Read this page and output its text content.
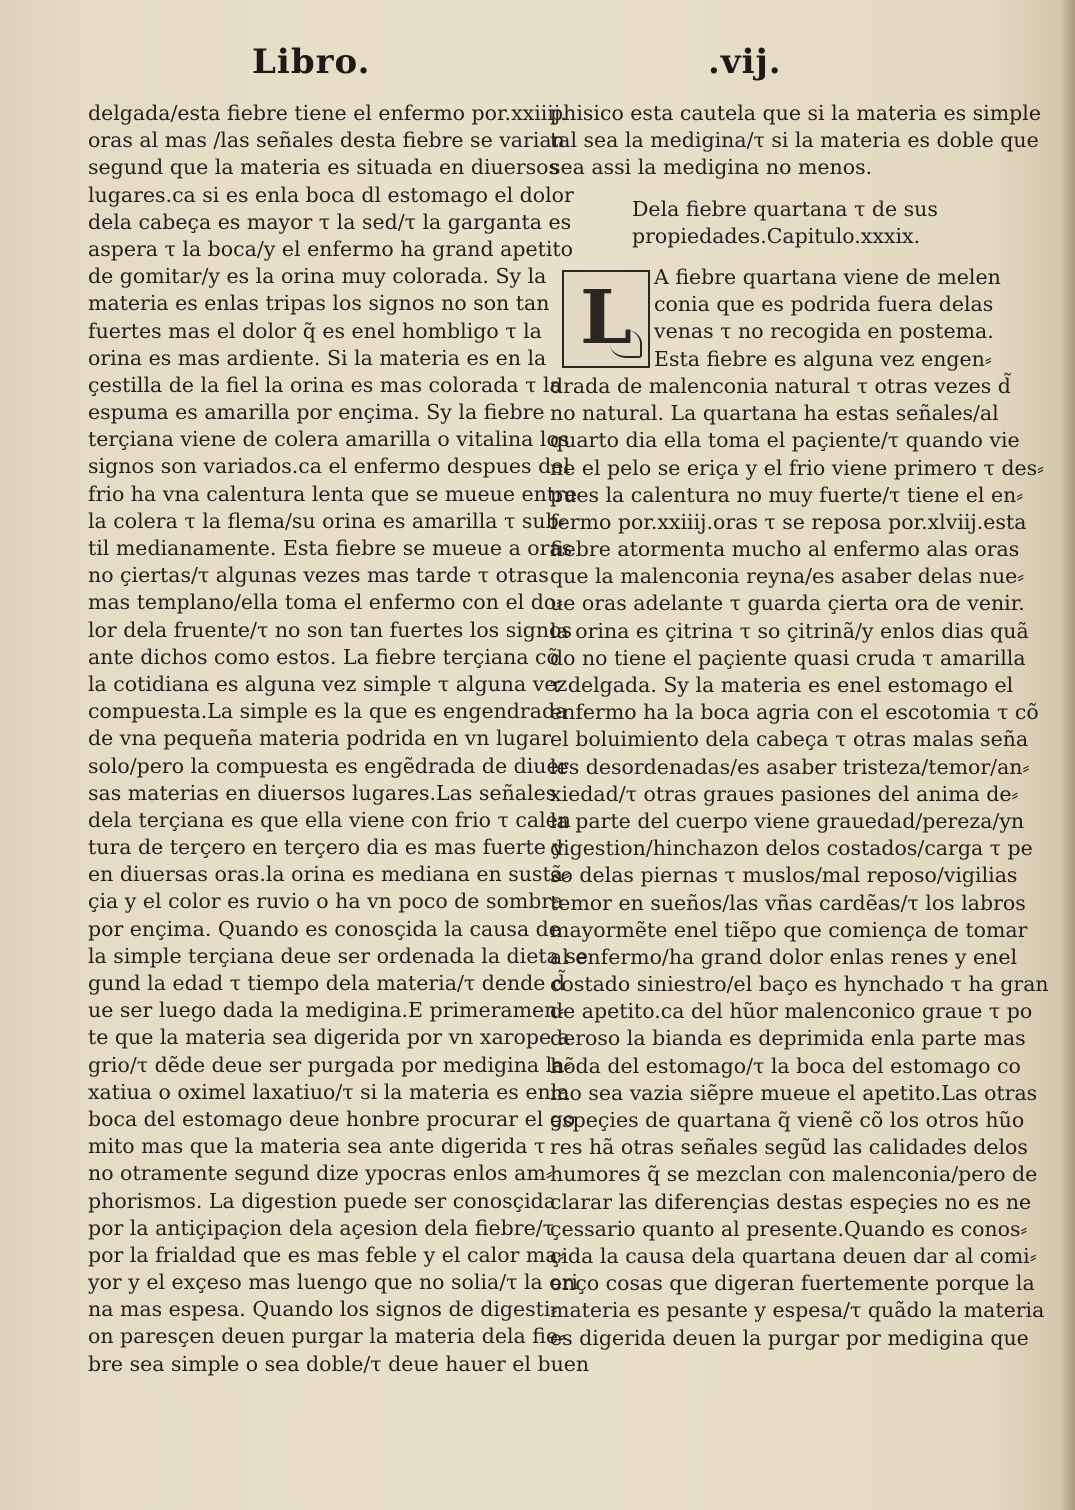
Libro.	.vij.
delgada/esta fiebre tiene el enfermo por.xxiiij.
oras al mas /las señales desta fiebre se varian
segund que la materia es situada en diuersos
lugares.ca si es enla boca dl estomago el dolor
dela cabeça es mayor τ la sed/τ la garganta es
aspera τ la boca/y el enfermo ha grand apetito
de gomitar/y es la orina muy colorada. Sy la
materia es enlas tripas los signos no son tan
fuertes mas el dolor q̃ es enel hombligo τ la
orina es mas ardiente. Si la materia es en la
çestilla de la fiel la orina es mas colorada τ la
espuma es amarilla por ençima. Sy la fiebre
terçiana viene de colera amarilla o vitalina los
signos son variados.ca el enfermo despues del
frio ha vna calentura lenta que se mueue entre
la colera τ la flema/su orina es amarilla τ sub⸗
til medianamente. Esta fiebre se mueue a oras
no çiertas/τ algunas vezes mas tarde τ otras
mas templano/ella toma el enfermo con el do⸗
lor dela fruente/τ no son tan fuertes los signos
ante dichos como estos. La fiebre terçiana cõ
la cotidiana es alguna vez simple τ alguna vez
compuesta.La simple es la que es engendrada
de vna pequeña materia podrida en vn lugar
solo/pero la compuesta es engẽdrada de diuer
sas materias en diuersos lugares.Las señales
dela terçiana es que ella viene con frio τ calen
tura de terçero en terçero dia es mas fuerte y
en diuersas oras.la orina es mediana en sustã⸗
çia y el color es ruvio o ha vn poco de sombra
por ençima. Quando es conosçida la causa de
la simple terçiana deue ser ordenada la dieta se
gund la edad τ tiempo dela materia/τ dende d̃
ue ser luego dada la medigina.E primeramen⸗
te que la materia sea digerida por vn xarope a
grio/τ dẽde deue ser purgada por medigina la⸗
xatiua o oximel laxatiuo/τ si la materia es enla
boca del estomago deue honbre procurar el go
mito mas que la materia sea ante digerida τ
no otramente segund dize ypocras enlos am⸗
phorismos. La digestion puede ser conosçida
por la antiçipaçion dela açesion dela fiebre/τ
por la frialdad que es mas feble y el calor ma⸗
yor y el exçeso mas luengo que no solia/τ la ori
na mas espesa. Quando los signos de digesti⸗
on paresçen deuen purgar la materia dela fie⸗
bre sea simple o sea doble/τ deue hauer el buen
phisico esta cautela que si la materia es simple
tal sea la medigina/τ si la materia es doble que
sea assi la medigina no menos.
Dela fiebre quartana τ de sus
propiedades.Capitulo.xxxix.
L A fiebre quartana viene de melen
conia que es podrida fuera delas
venas τ no recogida en postema.
Esta fiebre es alguna vez engen⸗
drada de malenconia natural τ otras vezes d̃
no natural. La quartana ha estas señales/al
quarto dia ella toma el paçiente/τ quando vie
ne el pelo se eriça y el frio viene primero τ des⸗
pues la calentura no muy fuerte/τ tiene el en⸗
fermo por.xxiiij.oras τ se reposa por.xlviij.esta
fiebre atormenta mucho al enfermo alas oras
que la malenconia reyna/es asaber delas nue⸗
ue oras adelante τ guarda çierta ora de venir.
la orina es çitrina τ so çitrinã/y enlos dias quã
do no tiene el paçiente quasi cruda τ amarilla
τ delgada. Sy la materia es enel estomago el
enfermo ha la boca agria con el escotomia τ cõ
el boluimiento dela cabeça τ otras malas seña
les desordenadas/es asaber tristeza/temor/an⸗
xiedad/τ otras graues pasiones del anima de⸗
la parte del cuerpo viene grauedad/pereza/yn
digestion/hinchazon delos costados/carga τ pe
so delas piernas τ muslos/mal reposo/vigilias
temor en sueños/las vñas cardẽas/τ los labros
mayormẽte enel tiẽpo que comiença de tomar
al enfermo/ha grand dolor enlas renes y enel
costado siniestro/el baço es hynchado τ ha gran
de apetito.ca del hũor malenconico graue τ po
deroso la bianda es deprimida enla parte mas
hõda del estomago/τ la boca del estomago co
mo sea vazia siẽpre mueue el apetito.Las otras
espeçies de quartana q̃ vienẽ cõ los otros hũo
res hã otras señales segũd las calidades delos
humores q̃ se mezclan con malenconia/pero de
clarar las diferençias destas espeçies no es ne
çessario quanto al presente.Quando es conos⸗
çida la causa dela quartana deuen dar al comi⸗
enço cosas que digeran fuertemente porque la
materia es pesante y espesa/τ quãdo la materia
es digerida deuen la purgar por medigina que
